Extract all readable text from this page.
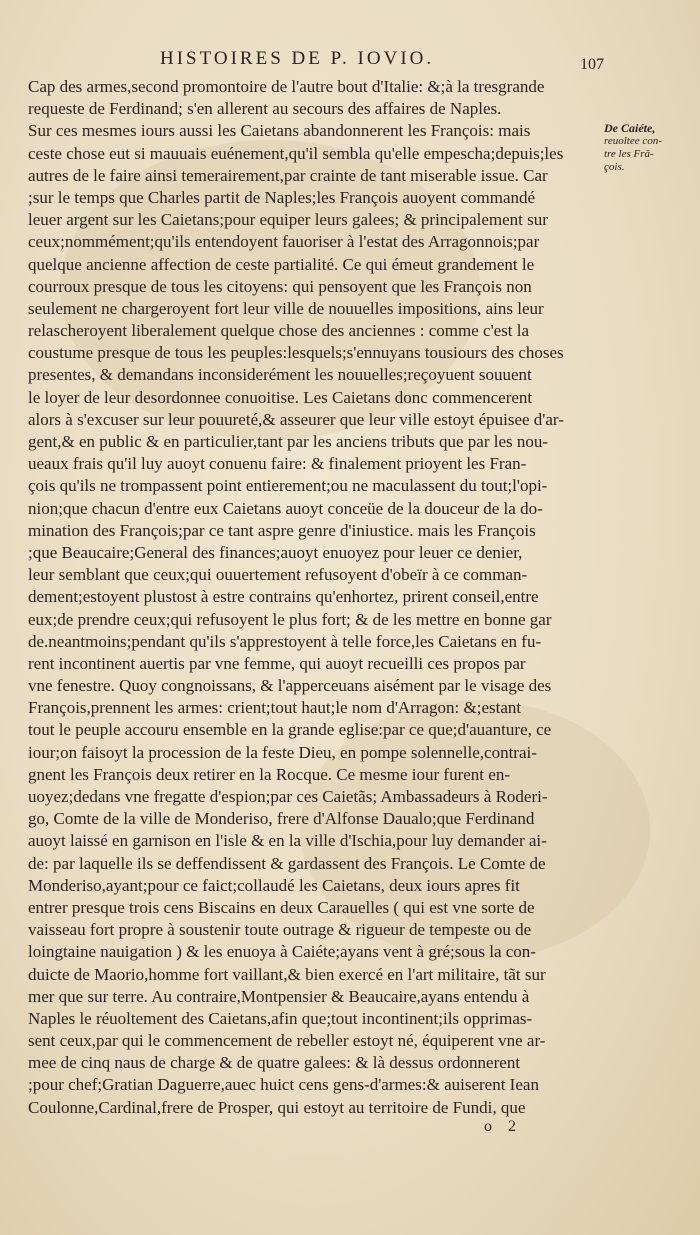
HISTOIRES DE P. IOVIO.	107
Cap des armes,second promontoire de l'autre bout d'Italie: &;à la tresgrande
requeste de Ferdinand; s'en allerent au secours des affaires de Naples.
Sur ces mesmes iours aussi les Caietans abandonnerent les François: mais
ceste chose eut si mauuais euénement,qu'il sembla qu'elle empescha;depuis;les
autres de le faire ainsi temerairement,par crainte de tant miserable issue. Car
;sur le temps que Charles partit de Naples;les François auoyent commandé
leuer argent sur les Caietans;pour equiper leurs galees; & principalement sur
ceux;nommément;qu'ils entendoyent fauoriser à l'estat des Arragonnois;par
quelque ancienne affection de ceste partialité. Ce qui émeut grandement le
courroux presque de tous les citoyens: qui pensoyent que les François non
seulement ne chargeroyent fort leur ville de nouuelles impositions, ains leur
relascheroyent liberalement quelque chose des anciennes : comme c'est la
coustume presque de tous les peuples:lesquels;s'ennuyans tousiours des choses
presentes, & demandans inconsiderément les nouuelles;reçoyuent souuent
le loyer de leur desordonnee conuoitise. Les Caietans donc commencerent
alors à s'excuser sur leur pouureté,& asseurer que leur ville estoyt épuisee d'ar-
gent,& en public & en particulier,tant par les anciens tributs que par les nou-
ueaux frais qu'il luy auoyt conuenu faire: & finalement prioyent les Fran-
çois qu'ils ne trompassent point entierement;ou ne maculassent du tout;l'opi-
nion;que chacun d'entre eux Caietans auoyt conceüe de la douceur de la do-
mination des François;par ce tant aspre genre d'iniustice. mais les François
;que Beaucaire;General des finances;auoyt enuoyez pour leuer ce denier,
leur semblant que ceux;qui ouuertement refusoyent d'obeïr à ce comman-
dement;estoyent plustost à estre contrains qu'enhortez, prirent conseil,entre
eux;de prendre ceux;qui refusoyent le plus fort; & de les mettre en bonne gar
de.neantmoins;pendant qu'ils s'apprestoyent à telle force,les Caietans en fu-
rent incontinent auertis par vne femme, qui auoyt recueilli ces propos par
vne fenestre. Quoy congnoissans, & l'apperceuans aisément par le visage des
François,prennent les armes: crient;tout haut;le nom d'Arragon: &;estant
tout le peuple accouru ensemble en la grande eglise:par ce que;d'auanture, ce
iour;on faisoyt la procession de la feste Dieu, en pompe solennelle,contrai-
gnent les François deux retirer en la Rocque. Ce mesme iour furent en-
uoyez;dedans vne fregatte d'espion;par ces Caietãs; Ambassadeurs à Roderi-
go, Comte de la ville de Monderiso, frere d'Alfonse Daualo;que Ferdinand
auoyt laissé en garnison en l'isle & en la ville d'Ischia,pour luy demander ai-
de: par laquelle ils se deffendissent & gardassent des François. Le Comte de
Monderiso,ayant;pour ce faict;collaudé les Caietans, deux iours apres fit
entrer presque trois cens Biscains en deux Carauelles ( qui est vne sorte de
vaisseau fort propre à soustenir toute outrage & rigueur de tempeste ou de
loingtaine nauigation ) & les enuoya à Caiéte;ayans vent à gré;sous la con-
duicte de Maorio,homme fort vaillant,& bien exercé en l'art militaire, tãt sur
mer que sur terre. Au contraire,Montpensier & Beaucaire,ayans entendu à
Naples le réuoltement des Caietans,afin que;tout incontinent;ils opprimas-
sent ceux,par qui le commencement de rebeller estoyt né, équiperent vne ar-
mee de cinq naus de charge & de quatre galees: & là dessus ordonnerent
;pour chef;Gratian Daguerre,auec huict cens gens-d'armes:& auiserent Iean
Coulonne,Cardinal,frere de Prosper, qui estoyt au territoire de Fundi, que
De Caiéte,
reuoltee con-
tre les Fră-
çois.
o 2
